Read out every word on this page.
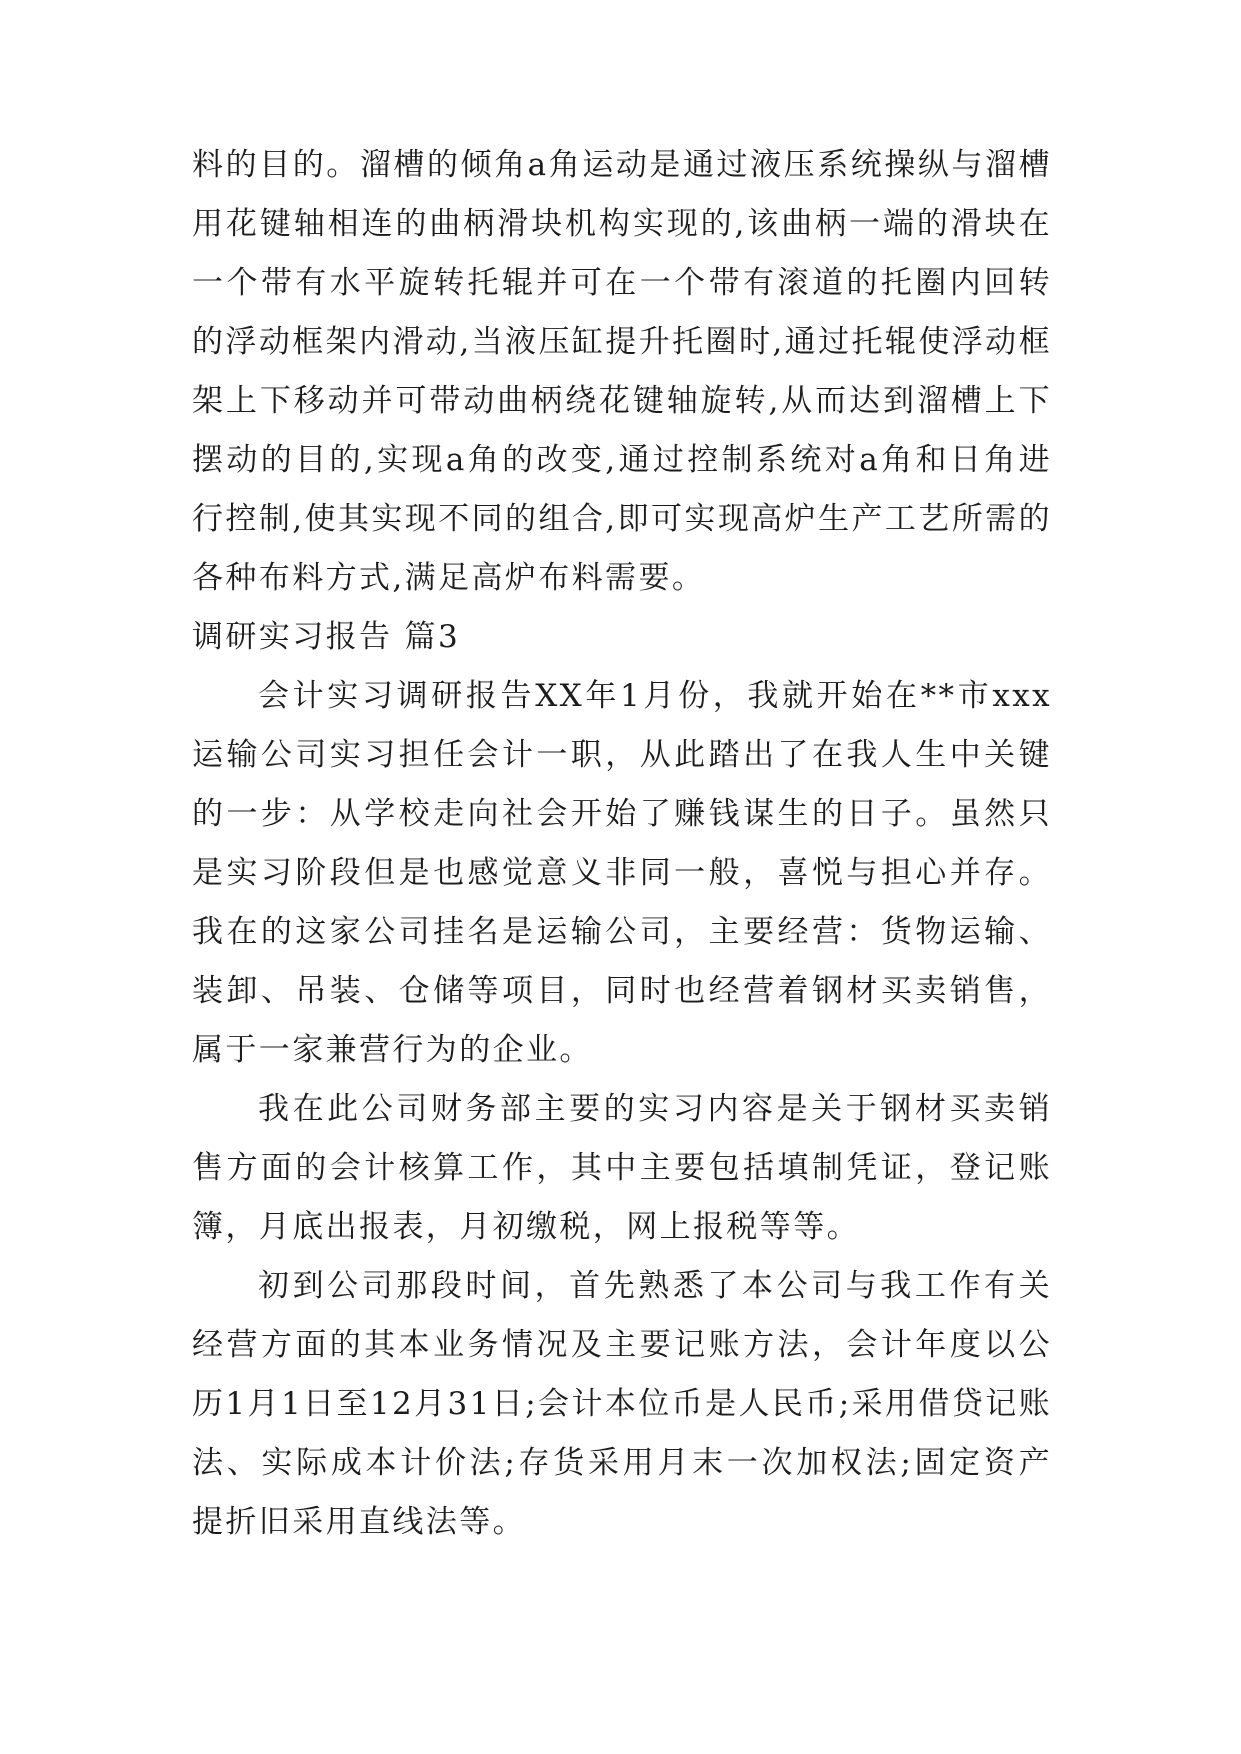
料的目的。溜槽的倾角a角运动是通过液压系统操纵与溜槽用花键轴相连的曲柄滑块机构实现的,该曲柄一端的滑块在一个带有水平旋转托辊并可在一个带有滚道的托圈内回转的浮动框架内滑动,当液压缸提升托圈时,通过托辊使浮动框架上下移动并可带动曲柄绕花键轴旋转,从而达到溜槽上下摆动的目的,实现a角的改变,通过控制系统对a角和日角进行控制,使其实现不同的组合,即可实现高炉生产工艺所需的各种布料方式,满足高炉布料需要。

调研实习报告 篇3

会计实习调研报告XX年1月份，我就开始在**市xxx运输公司实习担任会计一职，从此踏出了在我人生中关键的一步：从学校走向社会开始了赚钱谋生的日子。虽然只是实习阶段但是也感觉意义非同一般，喜悦与担心并存。我在的这家公司挂名是运输公司，主要经营：货物运输、装卸、吊装、仓储等项目，同时也经营着钢材买卖销售，属于一家兼营行为的企业。

我在此公司财务部主要的实习内容是关于钢材买卖销售方面的会计核算工作，其中主要包括填制凭证，登记账簿，月底出报表，月初缴税，网上报税等等。

初到公司那段时间，首先熟悉了本公司与我工作有关经营方面的其本业务情况及主要记账方法，会计年度以公历1月1日至12月31日;会计本位币是人民币;采用借贷记账法、实际成本计价法;存货采用月末一次加权法;固定资产提折旧采用直线法等。
